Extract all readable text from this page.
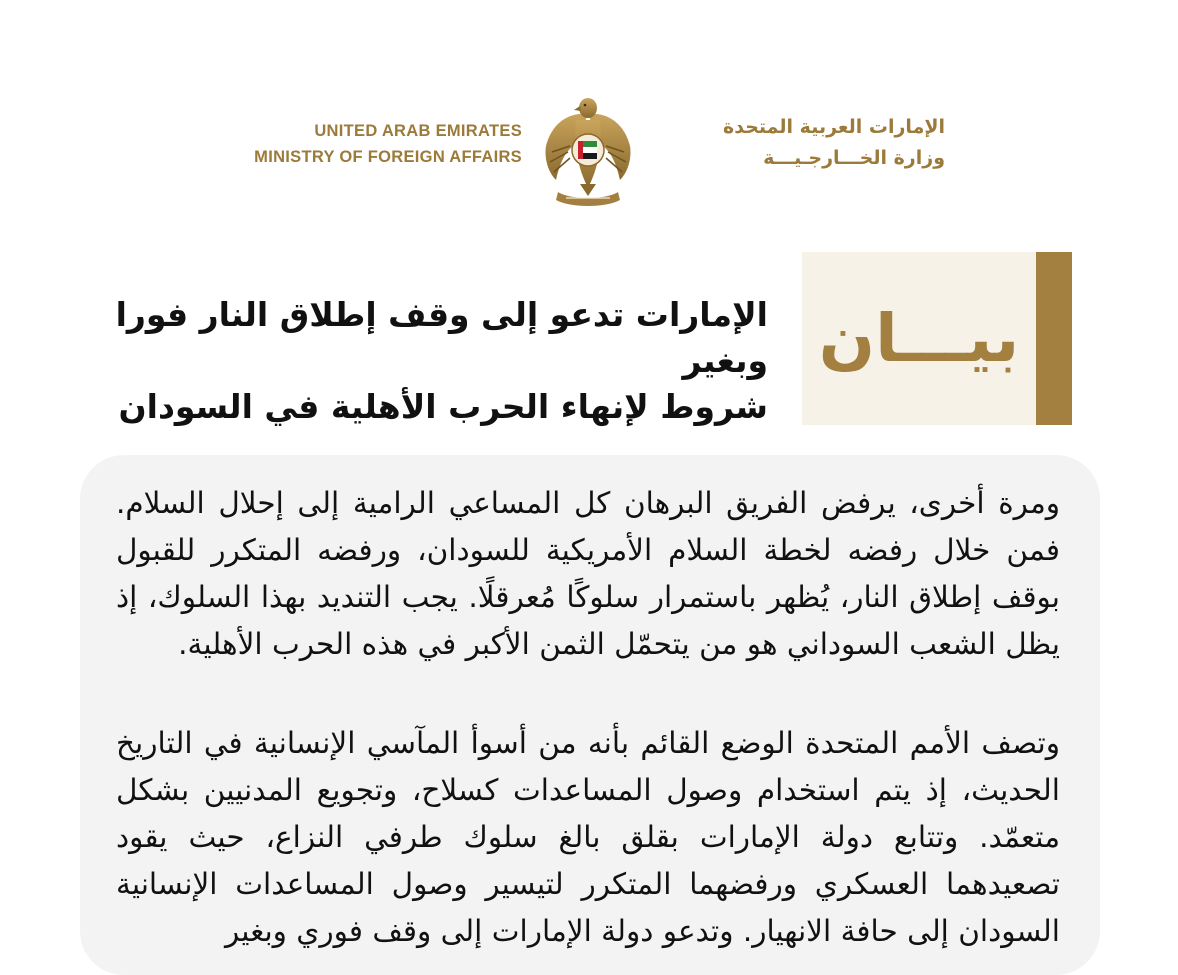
UNITED ARAB EMIRATES
MINISTRY OF FOREIGN AFFAIRS
الإمارات العربية المتحدة
وزارة الخـــارجـيـــة
بيـــان
الإمارات تدعو إلى وقف إطلاق النار فورا وبغير
شروط لإنهاء الحرب الأهلية في السودان
ومرة أخرى، يرفض الفريق البرهان كل المساعي الرامية إلى إحلال السلام. فمن خلال رفضه لخطة السلام الأمريكية للسودان، ورفضه المتكرر للقبول بوقف إطلاق النار، يُظهر باستمرار سلوكًا مُعرقلًا. يجب التنديد بهذا السلوك، إذ يظل الشعب السوداني هو من يتحمّل الثمن الأكبر في هذه الحرب الأهلية.
وتصف الأمم المتحدة الوضع القائم بأنه من أسوأ المآسي الإنسانية في التاريخ الحديث، إذ يتم استخدام وصول المساعدات كسلاح، وتجويع المدنيين بشكل متعمّد. وتتابع دولة الإمارات بقلق بالغ سلوك طرفي النزاع، حيث يقود تصعيدهما العسكري ورفضهما المتكرر لتيسير وصول المساعدات الإنسانية السودان إلى حافة الانهيار. وتدعو دولة الإمارات إلى وقف فوري وبغير
